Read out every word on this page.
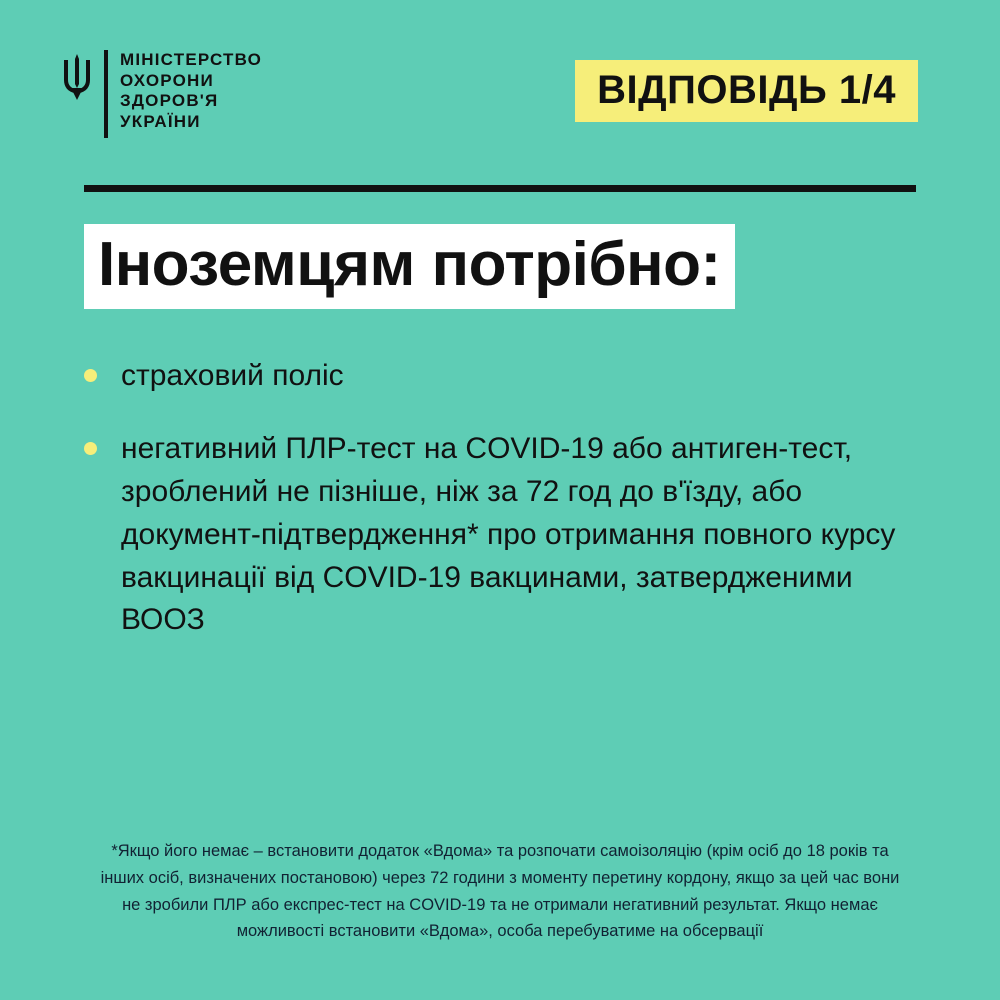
МІНІСТЕРСТВО
ОХОРОНИ
ЗДОРОВ'Я
УКРАЇНИ
ВІДПОВІДЬ 1/4
Іноземцям потрібно:
страховий поліс
негативний ПЛР-тест на COVID-19 або антиген-тест, зроблений не пізніше, ніж за 72 год до в'їзду, або документ-підтвердження* про отримання повного курсу вакцинації від COVID-19 вакцинами, затвердженими ВООЗ
*Якщо його немає – встановити додаток «Вдома» та розпочати самоізоляцію (крім осіб до 18 років та інших осіб, визначених постановою) через 72 години з моменту перетину кордону, якщо за цей час вони не зробили ПЛР або експрес-тест на COVID-19 та не отримали негативний результат. Якщо немає можливості встановити «Вдома», особа перебуватиме на обсервації
